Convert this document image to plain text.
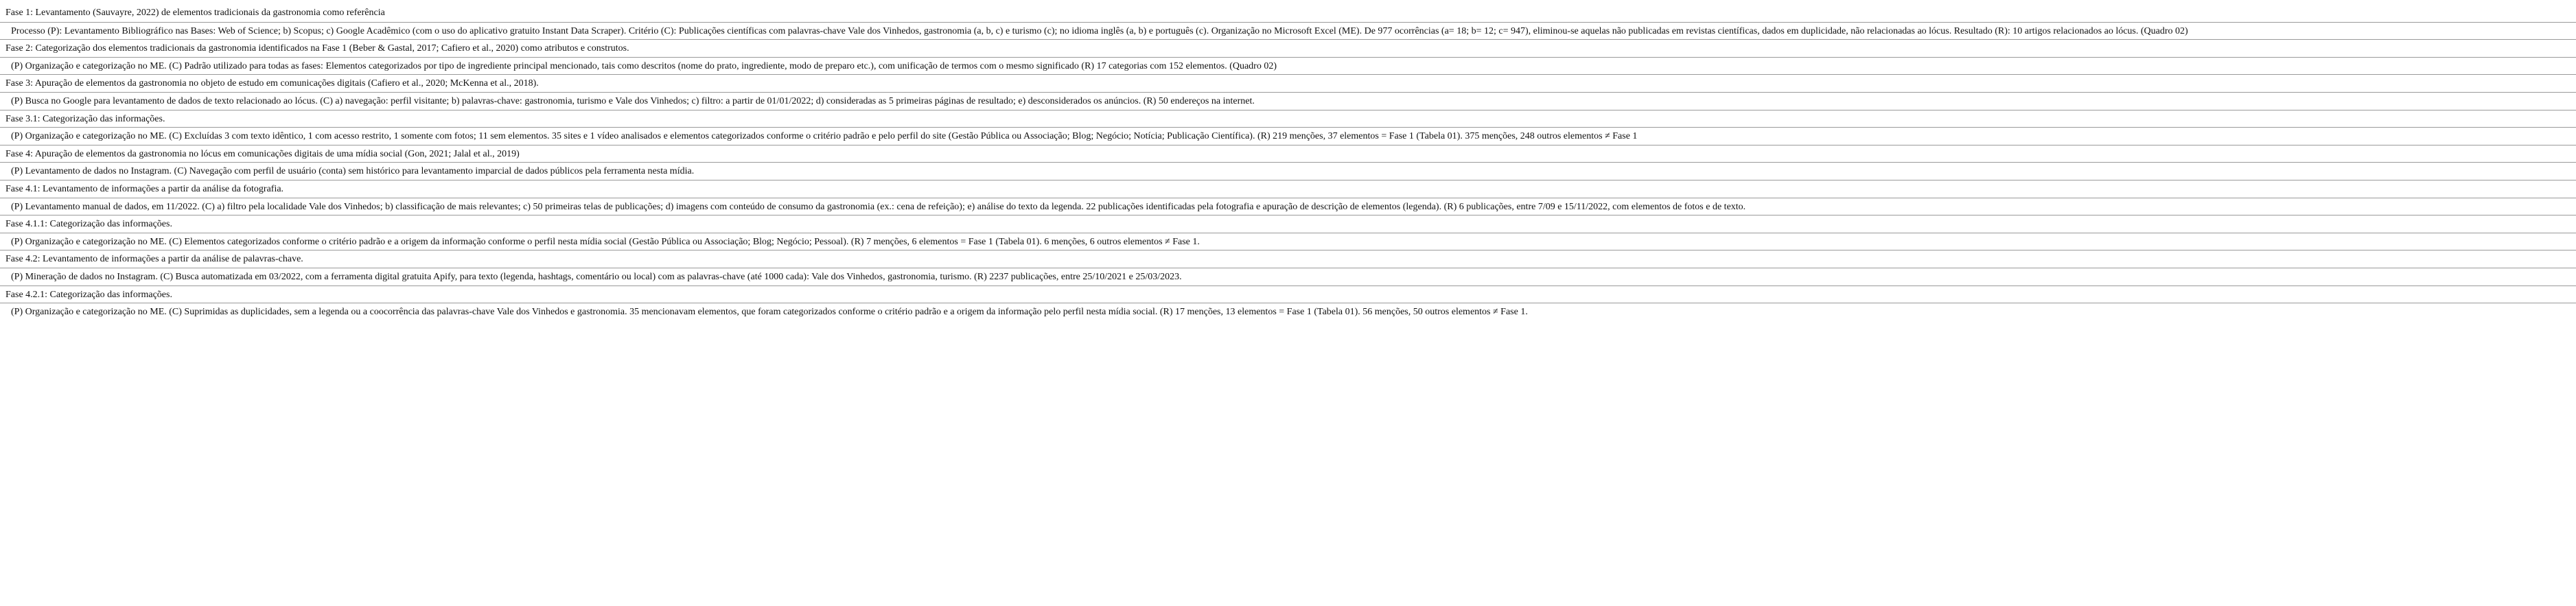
Fase 1: Levantamento (Sauvayre, 2022) de elementos tradicionais da gastronomia como referência
Processo (P): Levantamento Bibliográfico nas Bases: Web of Science; b) Scopus; c) Google Acadêmico (com o uso do aplicativo gratuito Instant Data Scraper). Critério (C): Publicações científicas com palavras-chave Vale dos Vinhedos, gastronomia (a, b, c) e turismo (c); no idioma inglês (a, b) e português (c). Organização no Microsoft Excel (ME). De 977 ocorrências (a= 18; b= 12; c= 947), eliminou-se aquelas não publicadas em revistas científicas, dados em duplicidade, não relacionadas ao lócus. Resultado (R): 10 artigos relacionados ao lócus. (Quadro 02)
Fase 2: Categorização dos elementos tradicionais da gastronomia identificados na Fase 1 (Beber & Gastal, 2017; Cafiero et al., 2020) como atributos e construtos.
(P) Organização e categorização no ME. (C) Padrão utilizado para todas as fases: Elementos categorizados por tipo de ingrediente principal mencionado, tais como descritos (nome do prato, ingrediente, modo de preparo etc.), com unificação de termos com o mesmo significado (R) 17 categorias com 152 elementos. (Quadro 02)
Fase 3: Apuração de elementos da gastronomia no objeto de estudo em comunicações digitais (Cafiero et al., 2020; McKenna et al., 2018).
(P) Busca no Google para levantamento de dados de texto relacionado ao lócus. (C) a) navegação: perfil visitante; b) palavras-chave: gastronomia, turismo e Vale dos Vinhedos; c) filtro: a partir de 01/01/2022; d) consideradas as 5 primeiras páginas de resultado; e) desconsiderados os anúncios. (R) 50 endereços na internet.
Fase 3.1: Categorização das informações.
(P) Organização e categorização no ME. (C) Excluídas 3 com texto idêntico, 1 com acesso restrito, 1 somente com fotos; 11 sem elementos. 35 sites e 1 vídeo analisados e elementos categorizados conforme o critério padrão e pelo perfil do site (Gestão Pública ou Associação; Blog; Negócio; Notícia; Publicação Científica). (R) 219 menções, 37 elementos = Fase 1 (Tabela 01). 375 menções, 248 outros elementos ≠ Fase 1
Fase 4: Apuração de elementos da gastronomia no lócus em comunicações digitais de uma mídia social (Gon, 2021; Jalal et al., 2019)
(P) Levantamento de dados no Instagram. (C) Navegação com perfil de usuário (conta) sem histórico para levantamento imparcial de dados públicos pela ferramenta nesta mídia.
Fase 4.1: Levantamento de informações a partir da análise da fotografia.
(P) Levantamento manual de dados, em 11/2022. (C) a) filtro pela localidade Vale dos Vinhedos; b) classificação de mais relevantes; c) 50 primeiras telas de publicações; d) imagens com conteúdo de consumo da gastronomia (ex.: cena de refeição); e) análise do texto da legenda. 22 publicações identificadas pela fotografia e apuração de descrição de elementos (legenda). (R) 6 publicações, entre 7/09 e 15/11/2022, com elementos de fotos e de texto.
Fase 4.1.1: Categorização das informações.
(P) Organização e categorização no ME. (C) Elementos categorizados conforme o critério padrão e a origem da informação conforme o perfil nesta mídia social (Gestão Pública ou Associação; Blog; Negócio; Pessoal). (R) 7 menções, 6 elementos = Fase 1 (Tabela 01). 6 menções, 6 outros elementos ≠ Fase 1.
Fase 4.2: Levantamento de informações a partir da análise de palavras-chave.
(P) Mineração de dados no Instagram. (C) Busca automatizada em 03/2022, com a ferramenta digital gratuita Apify, para texto (legenda, hashtags, comentário ou local) com as palavras-chave (até 1000 cada): Vale dos Vinhedos, gastronomia, turismo. (R) 2237 publicações, entre 25/10/2021 e 25/03/2023.
Fase 4.2.1: Categorização das informações.
(P) Organização e categorização no ME. (C) Suprimidas as duplicidades, sem a legenda ou a coocorrência das palavras-chave Vale dos Vinhedos e gastronomia. 35 mencionavam elementos, que foram categorizados conforme o critério padrão e a origem da informação pelo perfil nesta mídia social. (R) 17 menções, 13 elementos = Fase 1 (Tabela 01). 56 menções, 50 outros elementos ≠ Fase 1.
